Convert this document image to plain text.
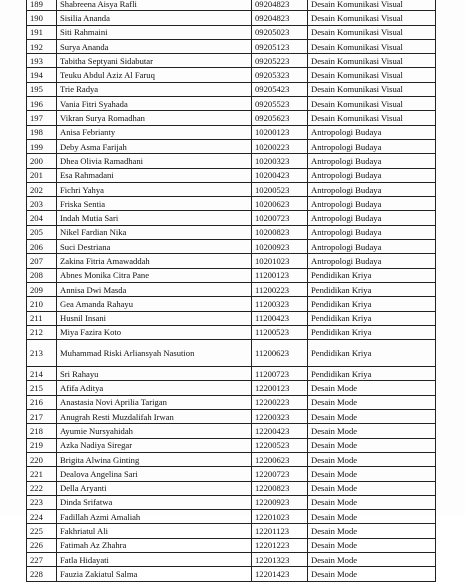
189	Shabreena Aisya Rafli	09204823	Desain Komunikasi Visual
190	Sisilia Ananda	09204823	Desain Komunikasi Visual
191	Siti Rahmaini	09205023	Desain Komunikasi Visual
192	Surya Ananda	09205123	Desain Komunikasi Visual
193	Tabitha Septyani Sidabutar	09205223	Desain Komunikasi Visual
194	Teuku Abdul Aziz Al Faruq	09205323	Desain Komunikasi Visual
195	Trie Radya	09205423	Desain Komunikasi Visual
196	Vania Fitri Syahada	09205523	Desain Komunikasi Visual
197	Vikran Surya Romadhan	09205623	Desain Komunikasi Visual
198	Anisa Febrianty	10200123	Antropologi Budaya
199	Deby Asma Farijah	10200223	Antropologi Budaya
200	Dhea Olivia Ramadhani	10200323	Antropologi Budaya
201	Esa Rahmadani	10200423	Antropologi Budaya
202	Fichri Yahya	10200523	Antropologi Budaya
203	Friska Sentia	10200623	Antropologi Budaya
204	Indah Mutia Sari	10200723	Antropologi Budaya
205	Nikel Fardian Nika	10200823	Antropologi Budaya
206	Suci Destriana	10200923	Antropologi Budaya
207	Zakina Fitria Amawaddah	10201023	Antropologi Budaya
208	Abnes Monika Citra Pane	11200123	Pendidikan Kriya
209	Annisa Dwi Masda	11200223	Pendidikan Kriya
210	Gea Amanda Rahayu	11200323	Pendidikan Kriya
211	Husnil Insani	11200423	Pendidikan Kriya
212	Miya Fazira Koto	11200523	Pendidikan Kriya
213	Muhammad Riski Arliansyah Nasution	11200623	Pendidikan Kriya
214	Sri Rahayu	11200723	Pendidikan Kriya
215	Afifa Aditya	12200123	Desain Mode
216	Anastasia Novi Aprilia Tarigan	12200223	Desain Mode
217	Anugrah Resti Muzdalifah Irwan	12200323	Desain Mode
218	Ayumie Nursyahidah	12200423	Desain Mode
219	Azka Nadiya Siregar	12200523	Desain Mode
220	Brigita Alwina Ginting	12200623	Desain Mode
221	Dealova Angelina Sari	12200723	Desain Mode
222	Della Aryanti	12200823	Desain Mode
223	Dinda Srifatwa	12200923	Desain Mode
224	Fadillah Azmi Amaliah	12201023	Desain Mode
225	Fakhriatul Ali	12201123	Desain Mode
226	Fatimah Az Zhahra	12201223	Desain Mode
227	Fatla Hidayati	12201323	Desain Mode
228	Fauzia Zakiatul Salma	12201423	Desain Mode
